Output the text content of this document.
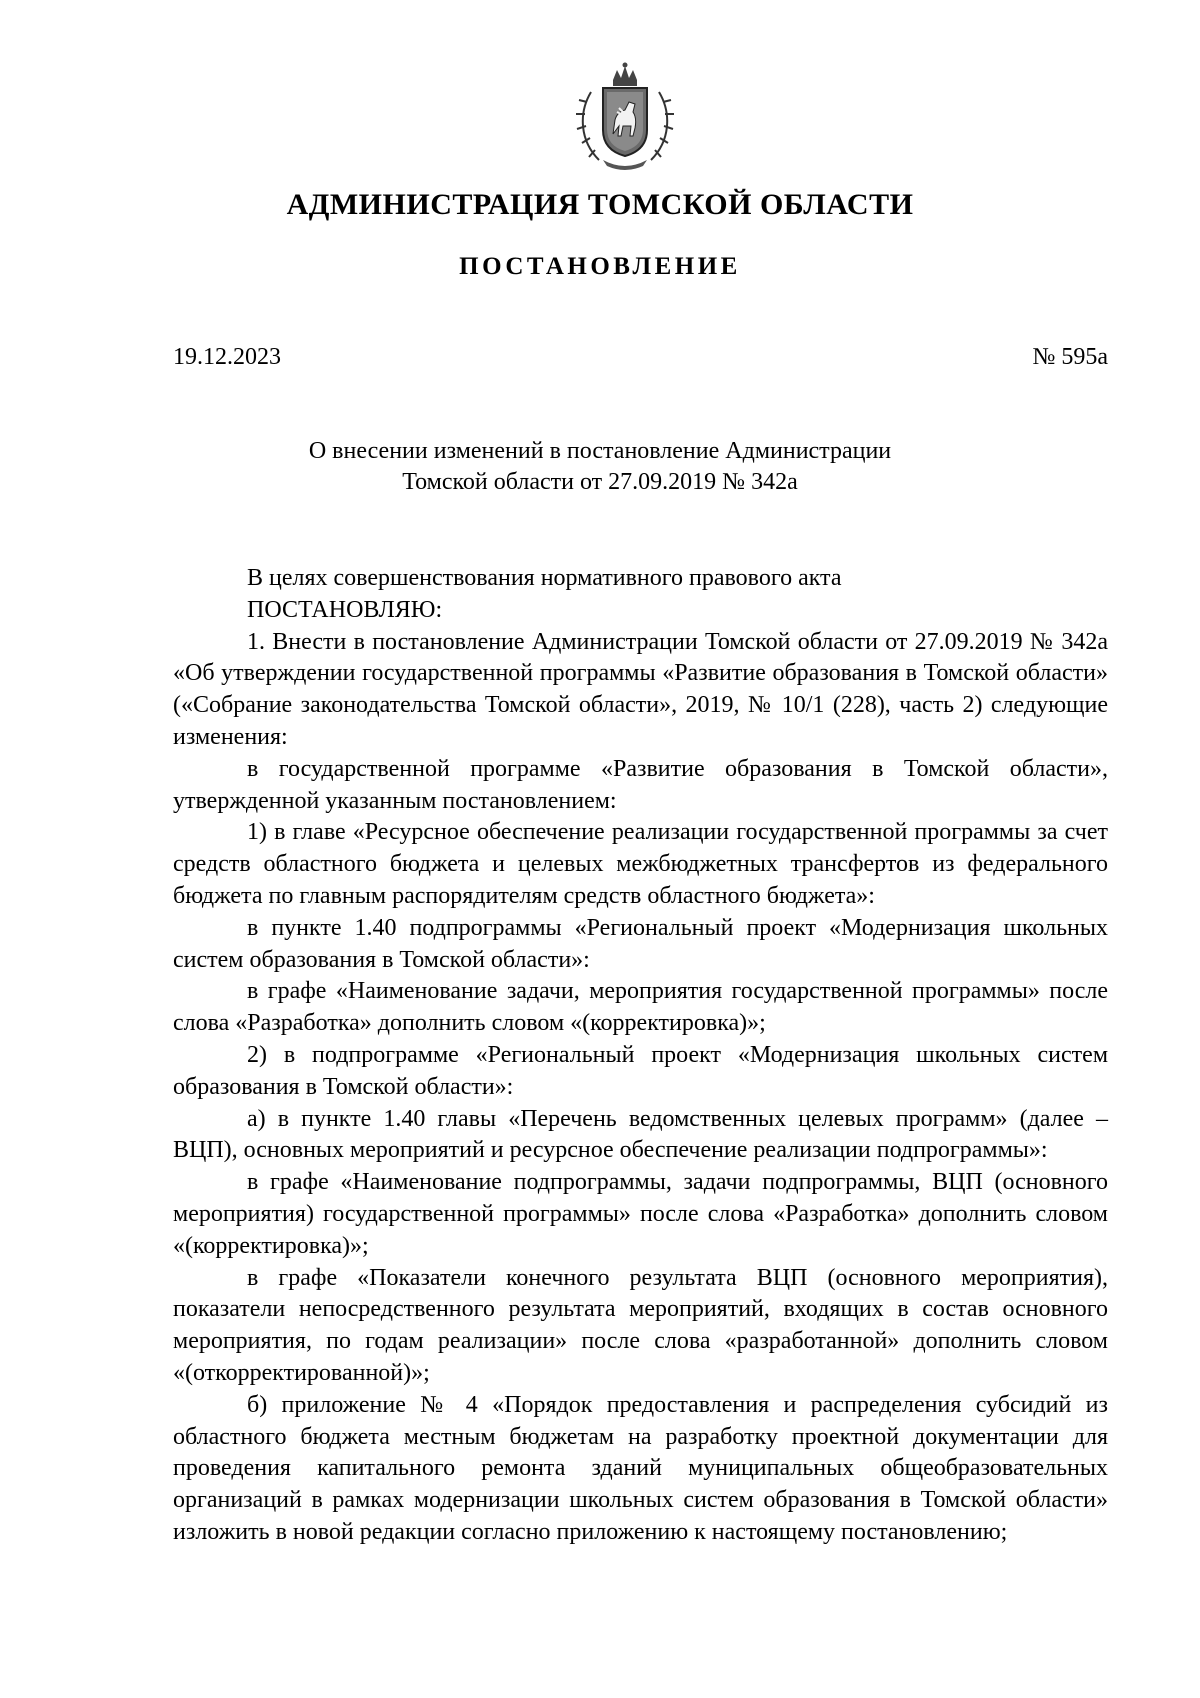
АДМИНИСТРАЦИЯ ТОМСКОЙ ОБЛАСТИ
ПОСТАНОВЛЕНИЕ
19.12.2023	№ 595а
О внесении изменений в постановление Администрации
Томской области от 27.09.2019 № 342а

В целях совершенствования нормативного правового акта

ПОСТАНОВЛЯЮ:

1. Внести в постановление Администрации Томской области от 27.09.2019 № 342а «Об утверждении государственной программы «Развитие образования в Томской области» («Собрание законодательства Томской области», 2019, № 10/1 (228), часть 2) следующие изменения:

в государственной программе «Развитие образования в Томской области», утвержденной указанным постановлением:

1) в главе «Ресурсное обеспечение реализации государственной программы за счет средств областного бюджета и целевых межбюджетных трансфертов из федерального бюджета по главным распорядителям средств областного бюджета»:

в пункте 1.40 подпрограммы «Региональный проект «Модернизация школьных систем образования в Томской области»:

в графе «Наименование задачи, мероприятия государственной программы» после слова «Разработка» дополнить словом «(корректировка)»;

2) в подпрограмме «Региональный проект «Модернизация школьных систем образования в Томской области»:

а) в пункте 1.40 главы «Перечень ведомственных целевых программ» (далее – ВЦП), основных мероприятий и ресурсное обеспечение реализации подпрограммы»:

в графе «Наименование подпрограммы, задачи подпрограммы, ВЦП (основного мероприятия) государственной программы» после слова «Разработка» дополнить словом «(корректировка)»;

в графе «Показатели конечного результата ВЦП (основного мероприятия), показатели непосредственного результата мероприятий, входящих в состав основного мероприятия, по годам реализации» после слова «разработанной» дополнить словом «(откорректированной)»;

б) приложение № 4 «Порядок предоставления и распределения субсидий из областного бюджета местным бюджетам на разработку проектной документации для проведения капитального ремонта зданий муниципальных общеобразовательных организаций в рамках модернизации школьных систем образования в Томской области» изложить в новой редакции согласно приложению к настоящему постановлению;
